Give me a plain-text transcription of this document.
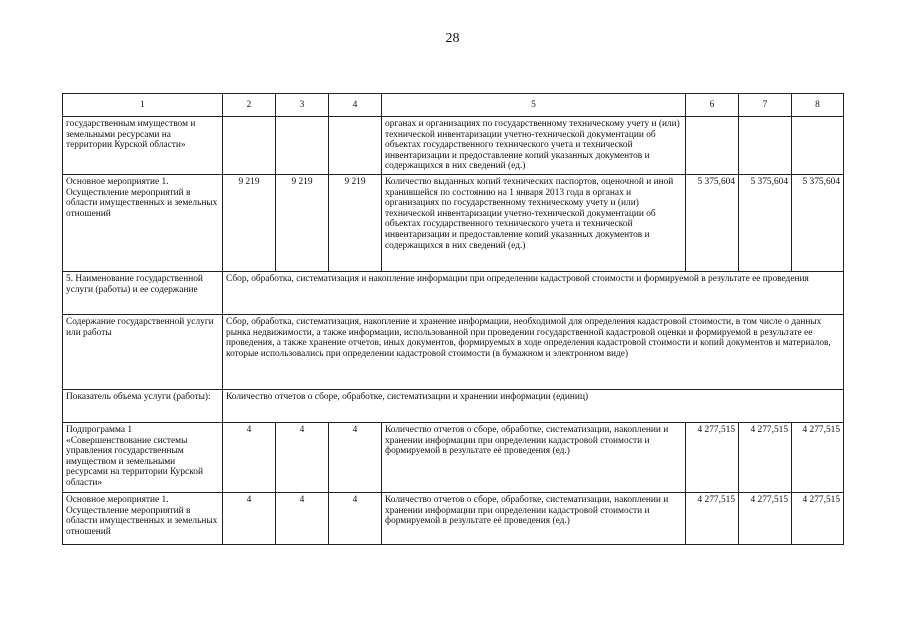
28
1	2	3	4	5	6	7	8
государственным имуществом и земельными ресурсами на территории Курской области»				органах и организациях по государственному техническому учету и (или) технической инвентаризации учетно-технической документации об объектах государственного технического учета и технической инвентаризации и предоставление копий указанных документов и содержащихся в них сведений (ед.)			
Основное мероприятие 1. Осуществление мероприятий в области имущественных и земельных отношений	9 219	9 219	9 219	Количество выданных копий технических паспортов, оценочной и иной хранившейся по состоянию на 1 января 2013 года в органах и организациях по государственному техническому учету и (или) технической инвентаризации учетно-технической документации об объектах государственного технического учета и технической инвентаризации и предоставление копий указанных документов и содержащихся в них сведений (ед.)	5 375,604	5 375,604	5 375,604
5. Наименование государственной услуги (работы) и ее содержание	Сбор, обработка, систематизация и накопление информации при определении кадастровой стоимости и формируемой в результате ее проведения						
Содержание государственной услуги или работы	Сбор, обработка, систематизация, накопление и хранение информации, необходимой для определения кадастровой стоимости, в том числе о данных рынка недвижимости, а также информации, использованной при проведении государственной кадастровой оценки и формируемой в результате ее проведения, а также хранение отчетов, иных документов, формируемых в ходе определения кадастровой стоимости и копий документов и материалов, которые использовались при определении кадастровой стоимости (в бумажном и электронном виде)						
Показатель объема услуги (работы):	Количество отчетов о сборе, обработке, систематизации и хранении информации (единиц)						
Подпрограмма 1 «Совершенствование системы управления государственным имуществом и земельными ресурсами на территории Курской области»	4	4	4	Количество отчетов о сборе, обработке, систематизации, накоплении и хранении информации при определении кадастровой стоимости и формируемой в результате её проведения (ед.)	4 277,515	4 277,515	4 277,515
Основное мероприятие 1. Осуществление мероприятий в области имущественных и земельных отношений	4	4	4	Количество отчетов о сборе, обработке, систематизации, накоплении и хранении информации при определении кадастровой стоимости и формируемой в результате её проведения (ед.)	4 277,515	4 277,515	4 277,515
